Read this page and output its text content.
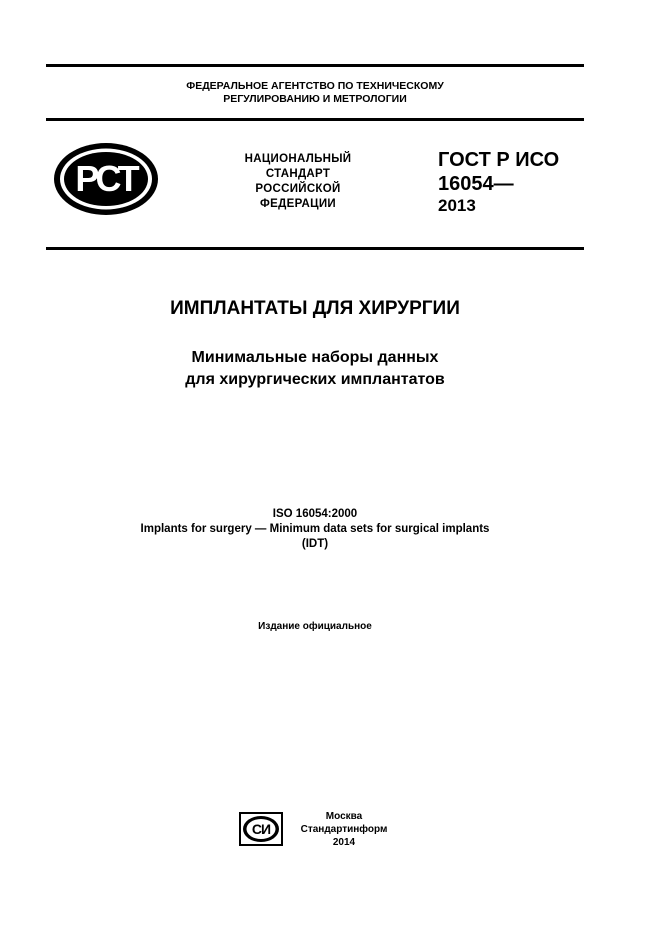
ФЕДЕРАЛЬНОЕ АГЕНТСТВО ПО ТЕХНИЧЕСКОМУ
РЕГУЛИРОВАНИЮ И МЕТРОЛОГИИ
РСТ	НАЦИОНАЛЬНЫЙ
СТАНДАРТ
РОССИЙСКОЙ
ФЕДЕРАЦИИ
ГОСТ Р ИСО
16054—
2013
ИМПЛАНТАТЫ ДЛЯ ХИРУРГИИ
Минимальные наборы данных
для хирургических имплантатов
ISO 16054:2000
Implants for surgery — Minimum data sets for surgical implants
(IDT)
Издание официальное
СИ
Москва
Стандартинформ
2014
